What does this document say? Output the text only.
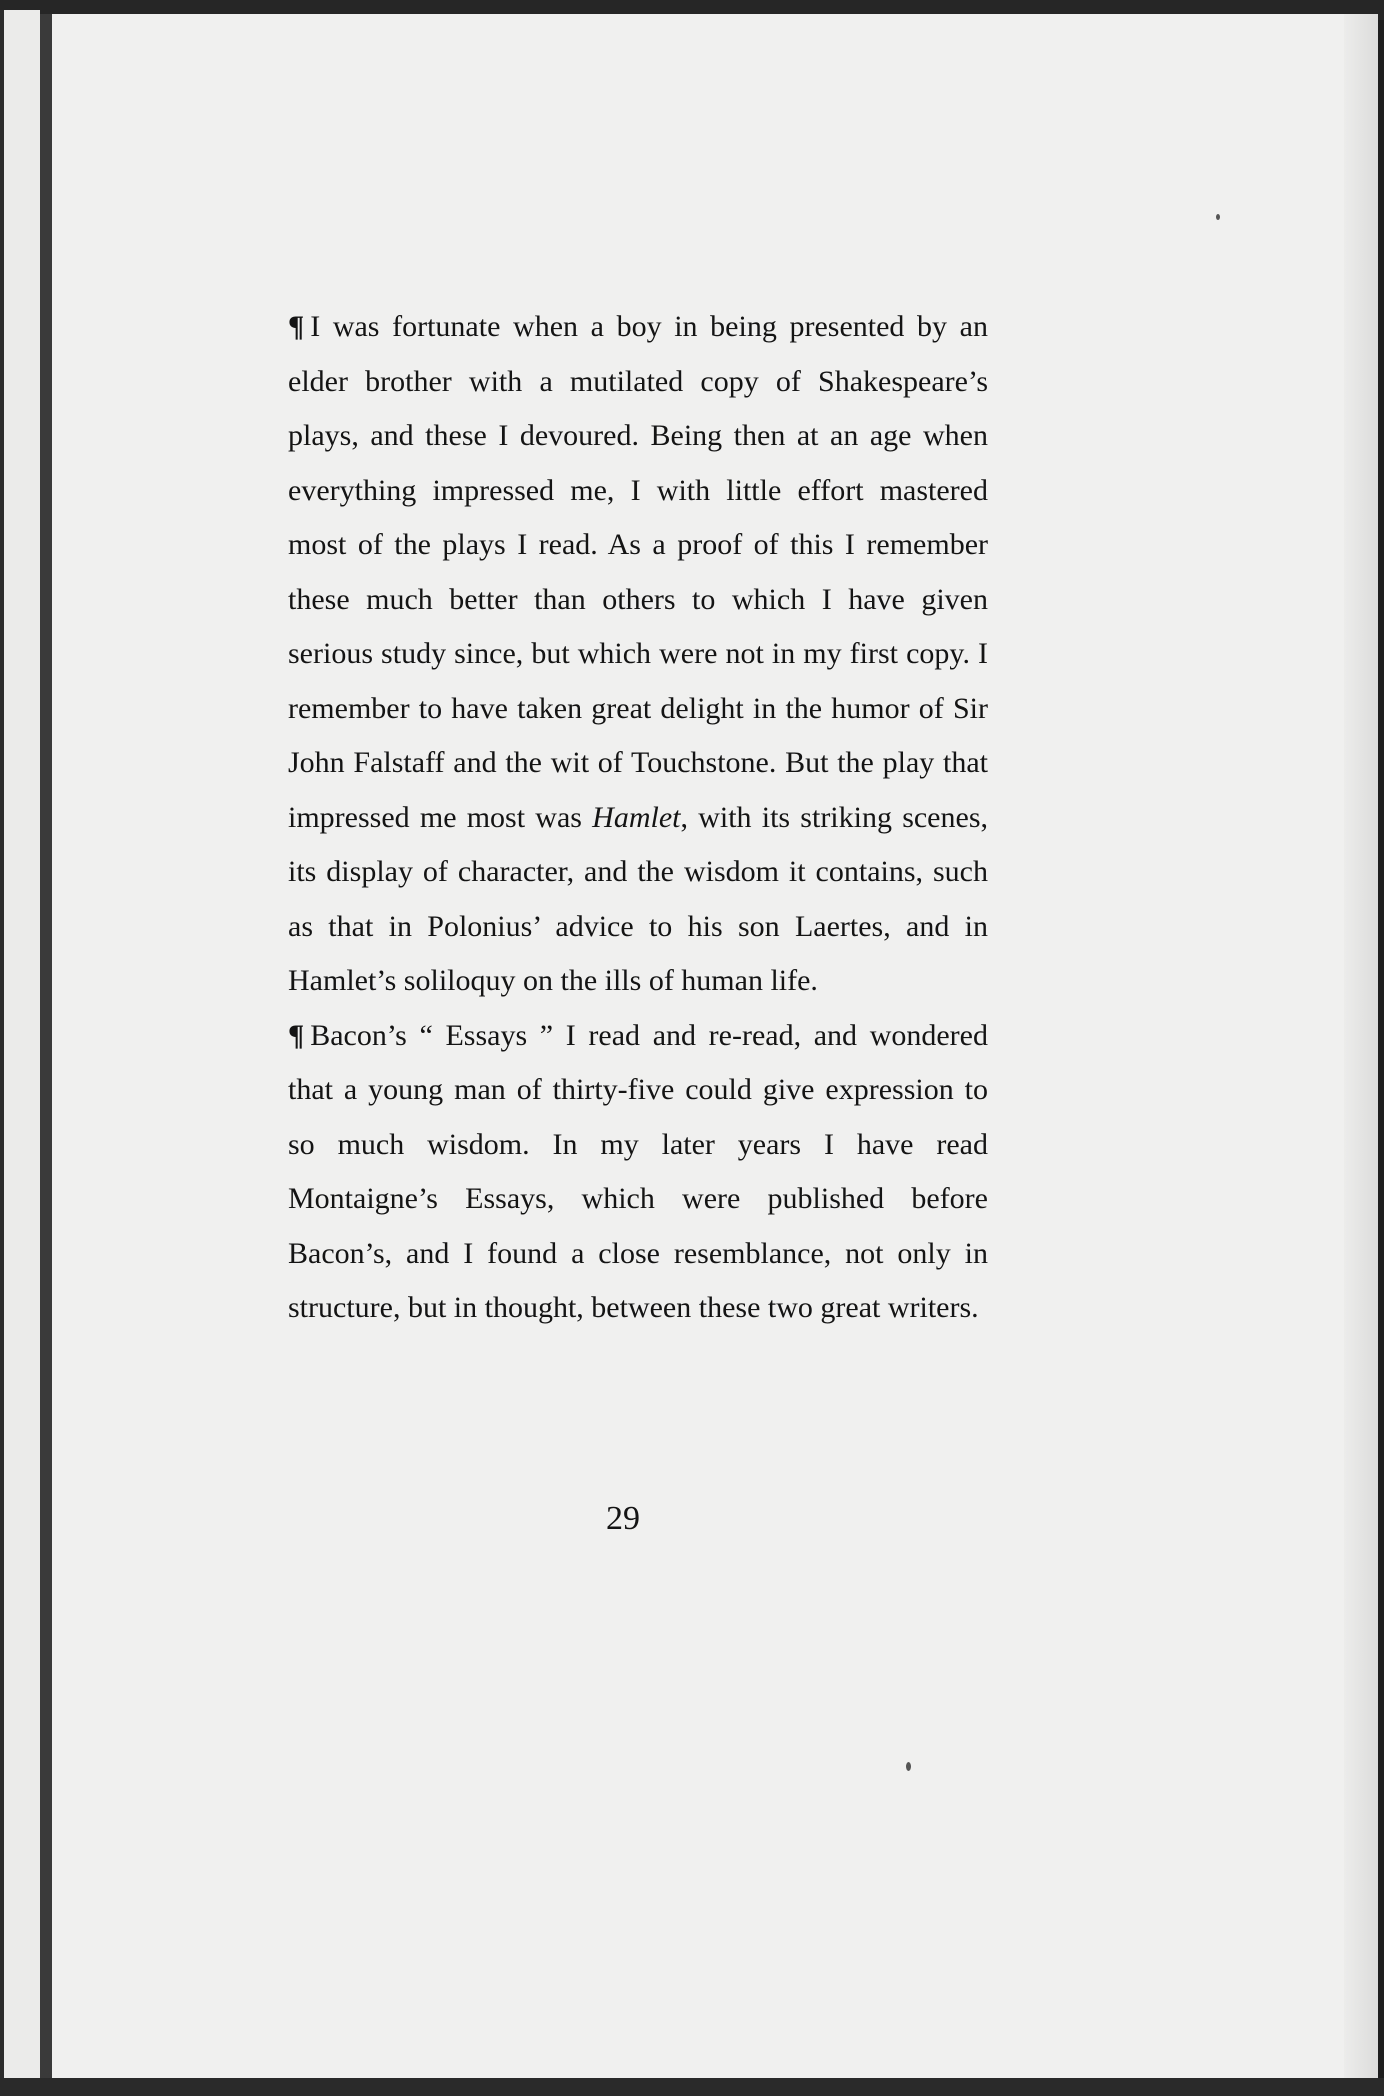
¶ I was fortunate when a boy in being presented by an elder brother with a mutilated copy of Shakespeare’s plays, and these I devoured. Being then at an age when everything impressed me, I with little effort mastered most of the plays I read. As a proof of this I remember these much better than others to which I have given serious study since, but which were not in my first copy. I remember to have taken great delight in the humor of Sir John Falstaff and the wit of Touchstone. But the play that impressed me most was Hamlet, with its striking scenes, its display of character, and the wisdom it contains, such as that in Polonius’ advice to his son Laertes, and in Hamlet’s soliloquy on the ills of human life.

¶ Bacon’s “ Essays ” I read and re-read, and wondered that a young man of thirty-five could give expression to so much wisdom. In my later years I have read Montaigne’s Essays, which were published before Bacon’s, and I found a close resemblance, not only in structure, but in thought, between these two great writers.

29
